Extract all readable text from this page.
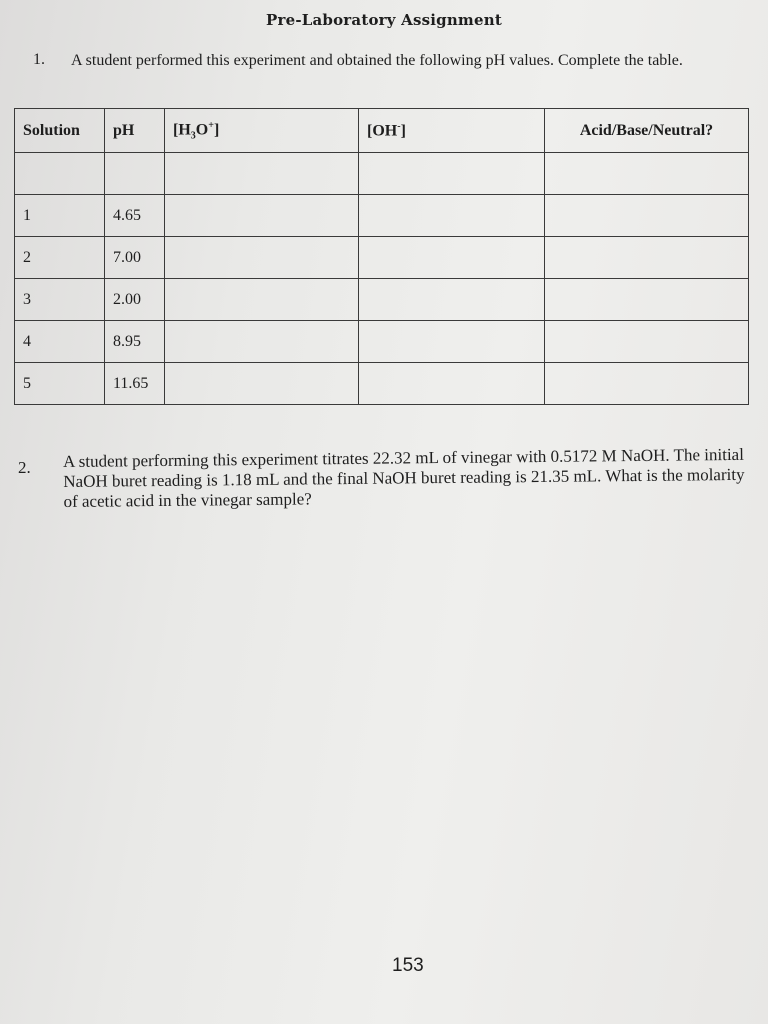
Pre-Laboratory Assignment
1. A student performed this experiment and obtained the following pH values. Complete the table.
Solution	pH	$[H_3O^+]$	[OH-]	Acid/Base/Neutral?

1	4.65			
2	7.00			
3	2.00			
4	8.95			
5	11.65			
2. A student performing this experiment titrates 22.32 mL of vinegar with 0.5172 M NaOH. The initial NaOH buret reading is 1.18 mL and the final NaOH buret reading is 21.35 mL. What is the molarity of acetic acid in the vinegar sample?
153
